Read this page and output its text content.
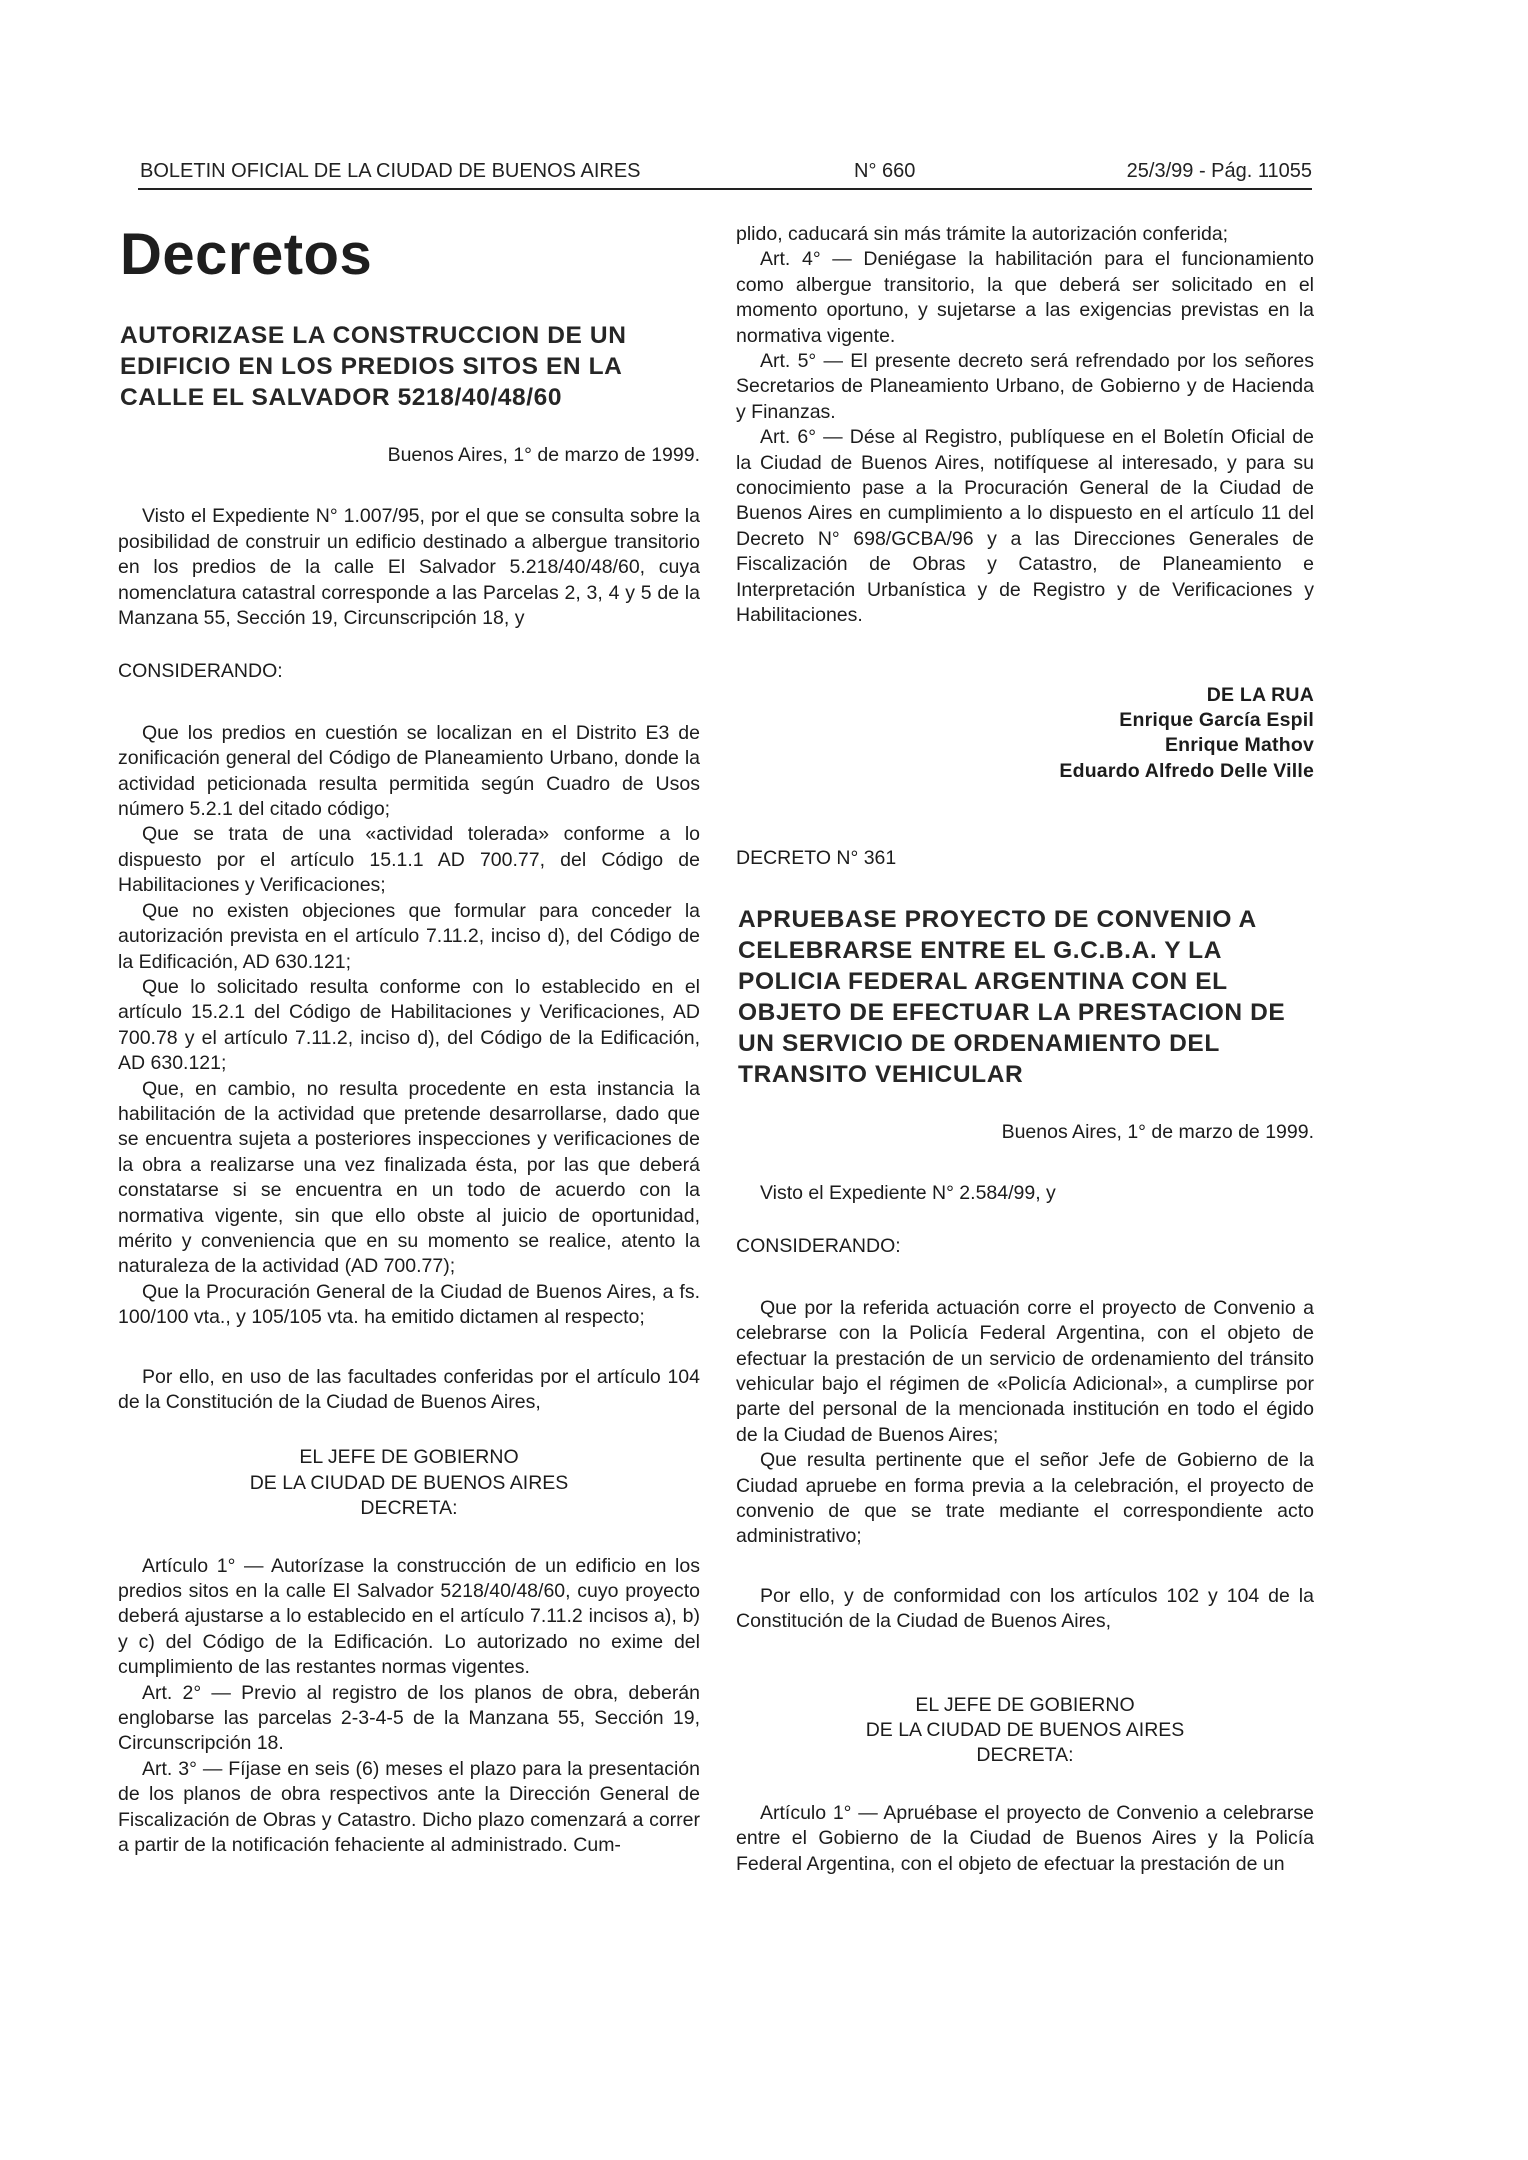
BOLETIN OFICIAL DE LA CIUDAD DE BUENOS AIRES	N° 660	25/3/99 - Pág. 11055
Decretos
AUTORIZASE LA CONSTRUCCION DE UN EDIFICIO EN LOS PREDIOS SITOS EN LA CALLE EL SALVADOR 5218/40/48/60
Buenos Aires, 1° de marzo de 1999.

Visto el Expediente N° 1.007/95, por el que se consulta sobre la posibilidad de construir un edificio destinado a albergue transitorio en los predios de la calle El Salvador 5.218/40/48/60, cuya nomenclatura catastral corresponde a las Parcelas 2, 3, 4 y 5 de la Manzana 55, Sección 19, Circunscripción 18, y

CONSIDERANDO:

Que los predios en cuestión se localizan en el Distrito E3 de zonificación general del Código de Planeamiento Urbano, donde la actividad peticionada resulta permitida según Cuadro de Usos número 5.2.1 del citado código;

Que se trata de una «actividad tolerada» conforme a lo dispuesto por el artículo 15.1.1 AD 700.77, del Código de Habilitaciones y Verificaciones;

Que no existen objeciones que formular para conceder la autorización prevista en el artículo 7.11.2, inciso d), del Código de la Edificación, AD 630.121;

Que lo solicitado resulta conforme con lo establecido en el artículo 15.2.1 del Código de Habilitaciones y Verificaciones, AD 700.78 y el artículo 7.11.2, inciso d), del Código de la Edificación, AD 630.121;

Que, en cambio, no resulta procedente en esta instancia la habilitación de la actividad que pretende desarrollarse, dado que se encuentra sujeta a posteriores inspecciones y verificaciones de la obra a realizarse una vez finalizada ésta, por las que deberá constatarse si se encuentra en un todo de acuerdo con la normativa vigente, sin que ello obste al juicio de oportunidad, mérito y conveniencia que en su momento se realice, atento la naturaleza de la actividad (AD 700.77);

Que la Procuración General de la Ciudad de Buenos Aires, a fs. 100/100 vta., y 105/105 vta. ha emitido dictamen al respecto;

Por ello, en uso de las facultades conferidas por el artículo 104 de la Constitución de la Ciudad de Buenos Aires,

EL JEFE DE GOBIERNO
DE LA CIUDAD DE BUENOS AIRES
DECRETA:

Artículo 1° — Autorízase la construcción de un edificio en los predios sitos en la calle El Salvador 5218/40/48/60, cuyo proyecto deberá ajustarse a lo establecido en el artículo 7.11.2 incisos a), b) y c) del Código de la Edificación. Lo autorizado no exime del cumplimiento de las restantes normas vigentes.

Art. 2° — Previo al registro de los planos de obra, deberán englobarse las parcelas 2-3-4-5 de la Manzana 55, Sección 19, Circunscripción 18.

Art. 3° — Fíjase en seis (6) meses el plazo para la presentación de los planos de obra respectivos ante la Dirección General de Fiscalización de Obras y Catastro. Dicho plazo comenzará a correr a partir de la notificación fehaciente al administrado. Cum-

plido, caducará sin más trámite la autorización conferida;

Art. 4° — Deniégase la habilitación para el funcionamiento como albergue transitorio, la que deberá ser solicitado en el momento oportuno, y sujetarse a las exigencias previstas en la normativa vigente.

Art. 5° — El presente decreto será refrendado por los señores Secretarios de Planeamiento Urbano, de Gobierno y de Hacienda y Finanzas.

Art. 6° — Dése al Registro, publíquese en el Boletín Oficial de la Ciudad de Buenos Aires, notifíquese al interesado, y para su conocimiento pase a la Procuración General de la Ciudad de Buenos Aires en cumplimiento a lo dispuesto en el artículo 11 del Decreto N° 698/GCBA/96 y a las Direcciones Generales de Fiscalización de Obras y Catastro, de Planeamiento e Interpretación Urbanística y de Registro y de Verificaciones y Habilitaciones.

DE LA RUA
Enrique García Espil
Enrique Mathov
Eduardo Alfredo Delle Ville
DECRETO N° 361
APRUEBASE PROYECTO DE CONVENIO A CELEBRARSE ENTRE EL G.C.B.A. Y LA POLICIA FEDERAL ARGENTINA CON EL OBJETO DE EFECTUAR LA PRESTACION DE UN SERVICIO DE ORDENAMIENTO DEL TRANSITO VEHICULAR
Buenos Aires, 1° de marzo de 1999.

Visto el Expediente N° 2.584/99, y

CONSIDERANDO:

Que por la referida actuación corre el proyecto de Convenio a celebrarse con la Policía Federal Argentina, con el objeto de efectuar la prestación de un servicio de ordenamiento del tránsito vehicular bajo el régimen de «Policía Adicional», a cumplirse por parte del personal de la mencionada institución en todo el égido de la Ciudad de Buenos Aires;

Que resulta pertinente que el señor Jefe de Gobierno de la Ciudad apruebe en forma previa a la celebración, el proyecto de convenio de que se trate mediante el correspondiente acto administrativo;

Por ello, y de conformidad con los artículos 102 y 104 de la Constitución de la Ciudad de Buenos Aires,

EL JEFE DE GOBIERNO
DE LA CIUDAD DE BUENOS AIRES
DECRETA:

Artículo 1° — Apruébase el proyecto de Convenio a celebrarse entre el Gobierno de la Ciudad de Buenos Aires y la Policía Federal Argentina, con el objeto de efectuar la prestación de un
